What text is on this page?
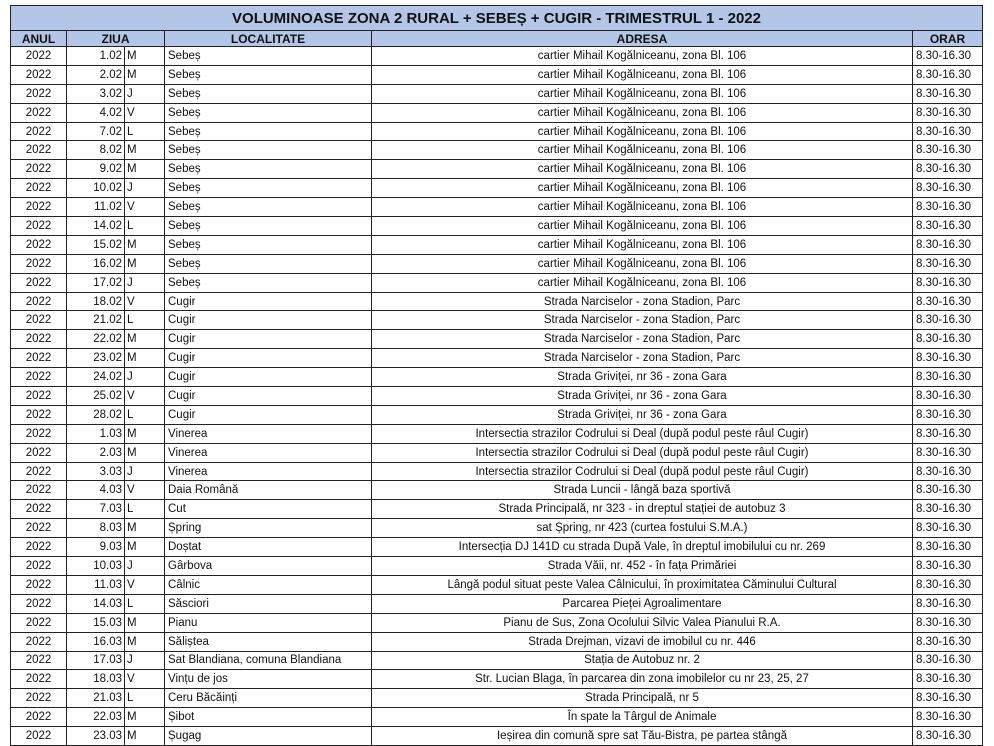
VOLUMINOASE ZONA 2 RURAL + SEBEȘ + CUGIR - TRIMESTRUL 1 - 2022					
ANUL	ZIUA		LOCALITATE	ADRESA	ORAR
2022	1.02	M	Sebeș	cartier Mihail Kogălniceanu, zona Bl. 106	8.30-16.30
2022	2.02	M	Sebeș	cartier Mihail Kogălniceanu, zona Bl. 106	8.30-16.30
2022	3.02	J	Sebeș	cartier Mihail Kogălniceanu, zona Bl. 106	8.30-16.30
2022	4.02	V	Sebeș	cartier Mihail Kogălniceanu, zona Bl. 106	8.30-16.30
2022	7.02	L	Sebeș	cartier Mihail Kogălniceanu, zona Bl. 106	8.30-16.30
2022	8.02	M	Sebeș	cartier Mihail Kogălniceanu, zona Bl. 106	8.30-16.30
2022	9.02	M	Sebeș	cartier Mihail Kogălniceanu, zona Bl. 106	8.30-16.30
2022	10.02	J	Sebeș	cartier Mihail Kogălniceanu, zona Bl. 106	8.30-16.30
2022	11.02	V	Sebeș	cartier Mihail Kogălniceanu, zona Bl. 106	8.30-16.30
2022	14.02	L	Sebeș	cartier Mihail Kogălniceanu, zona Bl. 106	8.30-16.30
2022	15.02	M	Sebeș	cartier Mihail Kogălniceanu, zona Bl. 106	8.30-16.30
2022	16.02	M	Sebeș	cartier Mihail Kogălniceanu, zona Bl. 106	8.30-16.30
2022	17.02	J	Sebeș	cartier Mihail Kogălniceanu, zona Bl. 106	8.30-16.30
2022	18.02	V	Cugir	Strada Narciselor - zona Stadion, Parc	8.30-16.30
2022	21.02	L	Cugir	Strada Narciselor - zona Stadion, Parc	8.30-16.30
2022	22.02	M	Cugir	Strada Narciselor - zona Stadion, Parc	8.30-16.30
2022	23.02	M	Cugir	Strada Narciselor - zona Stadion, Parc	8.30-16.30
2022	24.02	J	Cugir	Strada Griviței, nr 36 - zona Gara	8.30-16.30
2022	25.02	V	Cugir	Strada Griviței, nr 36 - zona Gara	8.30-16.30
2022	28.02	L	Cugir	Strada Griviței, nr 36 - zona Gara	8.30-16.30
2022	1.03	M	Vinerea	Intersectia strazilor Codrului si Deal (după podul peste râul Cugir)	8.30-16.30
2022	2.03	M	Vinerea	Intersectia strazilor Codrului si Deal (după podul peste râul Cugir)	8.30-16.30
2022	3.03	J	Vinerea	Intersectia strazilor Codrului si Deal (după podul peste râul Cugir)	8.30-16.30
2022	4.03	V	Daia Română	Strada Luncii - lângă baza sportivă	8.30-16.30
2022	7.03	L	Cut	Strada Principală, nr 323 - in dreptul stației de autobuz 3	8.30-16.30
2022	8.03	M	Șpring	sat Șpring, nr 423 (curtea fostului S.M.A.)	8.30-16.30
2022	9.03	M	Doștat	Intersecția DJ 141D cu strada După Vale, în dreptul imobilului cu nr. 269	8.30-16.30
2022	10.03	J	Gârbova	Strada Văii, nr. 452 - în fața Primăriei	8.30-16.30
2022	11.03	V	Câlnic	Lângă podul situat peste Valea Câlnicului, în proximitatea Căminului Cultural	8.30-16.30
2022	14.03	L	Săsciori	Parcarea Pieței Agroalimentare	8.30-16.30
2022	15.03	M	Pianu	Pianu de Sus, Zona Ocolului Silvic Valea Pianului R.A.	8.30-16.30
2022	16.03	M	Săliștea	Strada Drejman, vizavi de imobilul cu nr. 446	8.30-16.30
2022	17.03	J	Sat Blandiana, comuna Blandiana	Stația de Autobuz nr. 2	8.30-16.30
2022	18.03	V	Vințu de jos	Str. Lucian Blaga, în parcarea din zona imobilelor cu nr 23, 25, 27	8.30-16.30
2022	21.03	L	Ceru Băcăinți	Strada Principală, nr 5	8.30-16.30
2022	22.03	M	Șibot	În spate la Târgul de Animale	8.30-16.30
2022	23.03	M	Șugag	Ieșirea din comună spre sat Tău-Bistra, pe partea stângă	8.30-16.30
